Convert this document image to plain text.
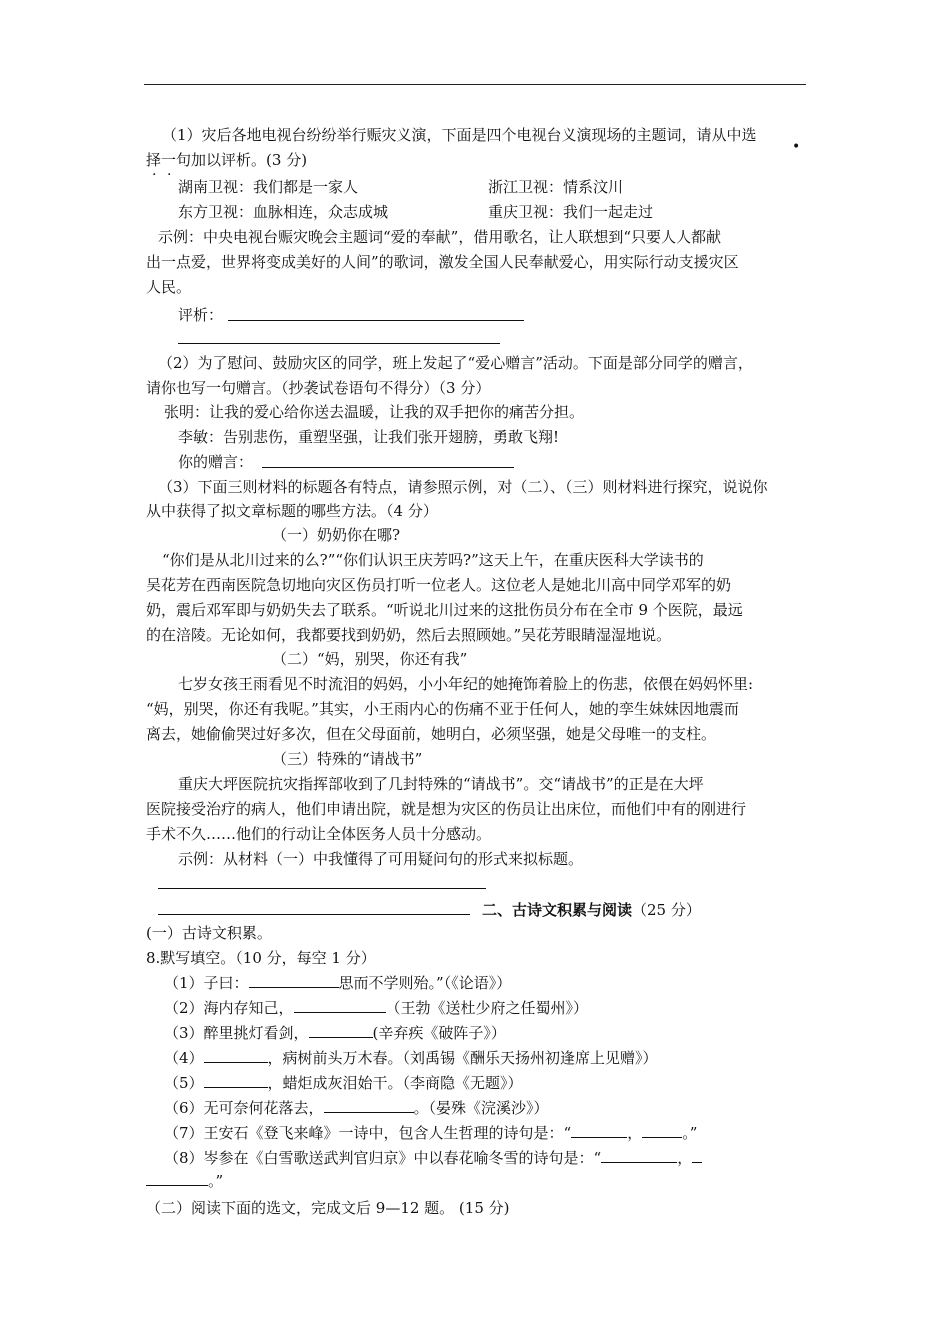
（1）灾后各地电视台纷纷举行赈灾义演，下面是四个电视台义演现场的主题词，请从中选
择一句加以评析。(3 分)
•
湖南卫视：我们都是一家人	浙江卫视：情系汶川
东方卫视：血脉相连，众志成城	重庆卫视：我们一起走过
示例：中央电视台赈灾晚会主题词“爱的奉献”，借用歌名，让人联想到“只要人人都献
出一点爱，世界将变成美好的人间”的歌词，激发全国人民奉献爱心，用实际行动支援灾区
人民。
评析：
（2）为了慰问、鼓励灾区的同学，班上发起了“爱心赠言”活动。下面是部分同学的赠言，
请你也写一句赠言。（抄袭试卷语句不得分）（3 分）
张明：让我的爱心给你送去温暖，让我的双手把你的痛苦分担。
李敏：告别悲伤，重塑坚强，让我们张开翅膀，勇敢飞翔!
你的赠言：
（3）下面三则材料的标题各有特点，请参照示例，对（二）、（三）则材料进行探究，说说你
从中获得了拟文章标题的哪些方法。（4 分）
（一）奶奶你在哪?
“你们是从北川过来的么?”“你们认识王庆芳吗?”这天上午，在重庆医科大学读书的
吴花芳在西南医院急切地向灾区伤员打听一位老人。这位老人是她北川高中同学邓军的奶
奶，震后邓军即与奶奶失去了联系。“听说北川过来的这批伤员分布在全市 9 个医院，最远
的在涪陵。无论如何，我都要找到奶奶，然后去照顾她。”吴花芳眼睛湿湿地说。
（二）“妈，别哭，你还有我”
七岁女孩王雨看见不时流泪的妈妈，小小年纪的她掩饰着脸上的伤悲，依偎在妈妈怀里:
“妈，别哭，你还有我呢。”其实，小王雨内心的伤痛不亚于任何人，她的孪生妹妹因地震而
离去，她偷偷哭过好多次，但在父母面前，她明白，必须坚强，她是父母唯一的支柱。
（三）特殊的“请战书”
重庆大坪医院抗灾指挥部收到了几封特殊的“请战书”。交“请战书”的正是在大坪
医院接受治疗的病人，他们申请出院，就是想为灾区的伤员让出床位，而他们中有的刚进行
手术不久……他们的行动让全体医务人员十分感动。
示例：从材料（一）中我懂得了可用疑问句的形式来拟标题。
二、古诗文积累与阅读（25 分）
(一）古诗文积累。
8.默写填空。（10 分，每空 1 分）
（1）子曰：	思而不学则殆。”（《论语》）
（2）海内存知己，	（王勃《送杜少府之任蜀州》）
（3）醉里挑灯看剑，	(辛弃疾《破阵子》）
（4）	，病树前头万木春。（刘禹锡《酬乐天扬州初逢席上见赠》）
（5）	，蜡炬成灰泪始干。（李商隐《无题》）
（6）无可奈何花落去，	。（晏殊《浣溪沙》）
（7）王安石《登飞来峰》一诗中，包含人生哲理的诗句是：“	，	。”
（8）岑参在《白雪歌送武判官归京》中以春花喻冬雪的诗句是：“	，
。”
（二）阅读下面的选文，完成文后 9—12 题。 (15 分)
